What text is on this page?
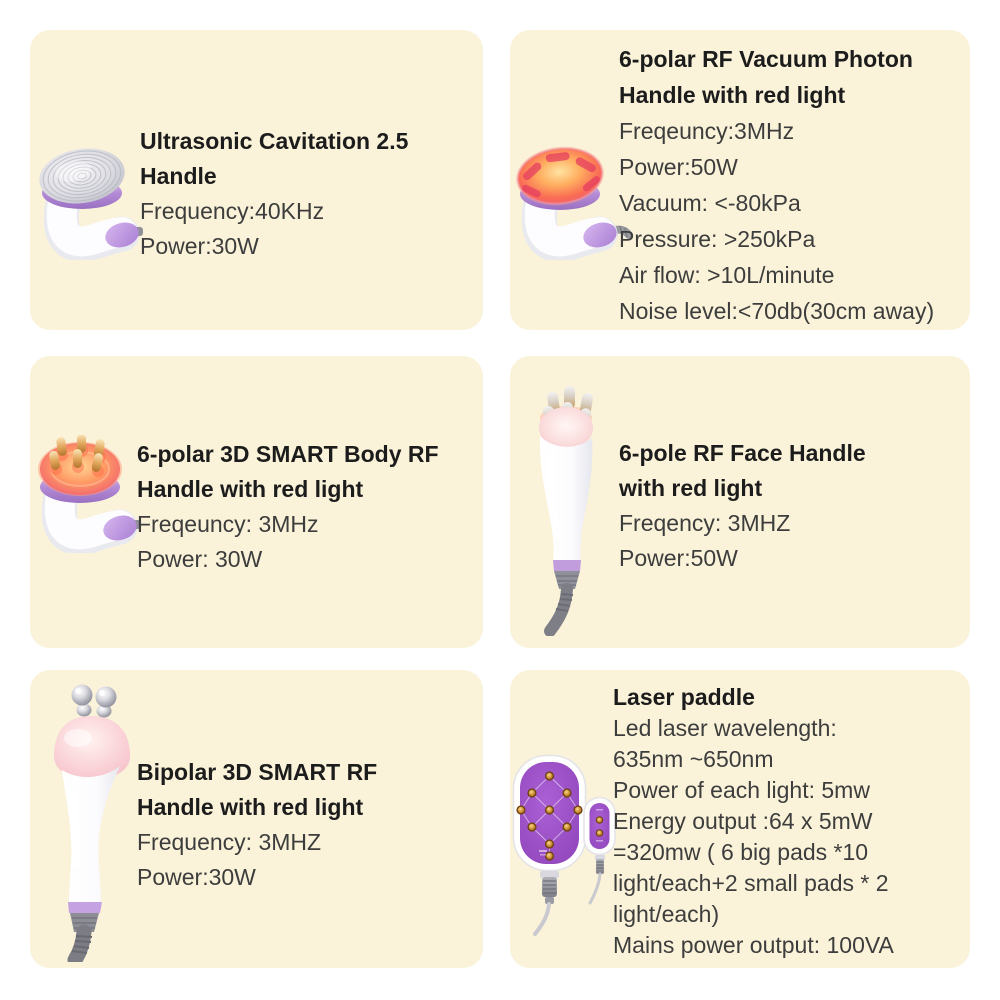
Ultrasonic Cavitation 2.5
Handle
Frequency:40KHz
Power:30W
6-polar RF Vacuum Photon
Handle with red light
Freqeuncy:3MHz
Power:50W
Vacuum: <-80kPa
Pressure: >250kPa
Air flow: >10L/minute
Noise level:<70db(30cm away)
6-polar 3D SMART Body RF
Handle with red light
Freqeuncy: 3MHz
Power: 30W
6-pole RF Face Handle
with red light
Freqency: 3MHZ
Power:50W
Bipolar 3D SMART RF
Handle with red light
Frequency: 3MHZ
Power:30W
Laser paddle
Led laser wavelength:
635nm ~650nm
Power of each light: 5mw
Energy output :64 x 5mW
=320mw ( 6 big pads *10
light/each+2 small pads * 2
light/each)
Mains power output: 100VA
